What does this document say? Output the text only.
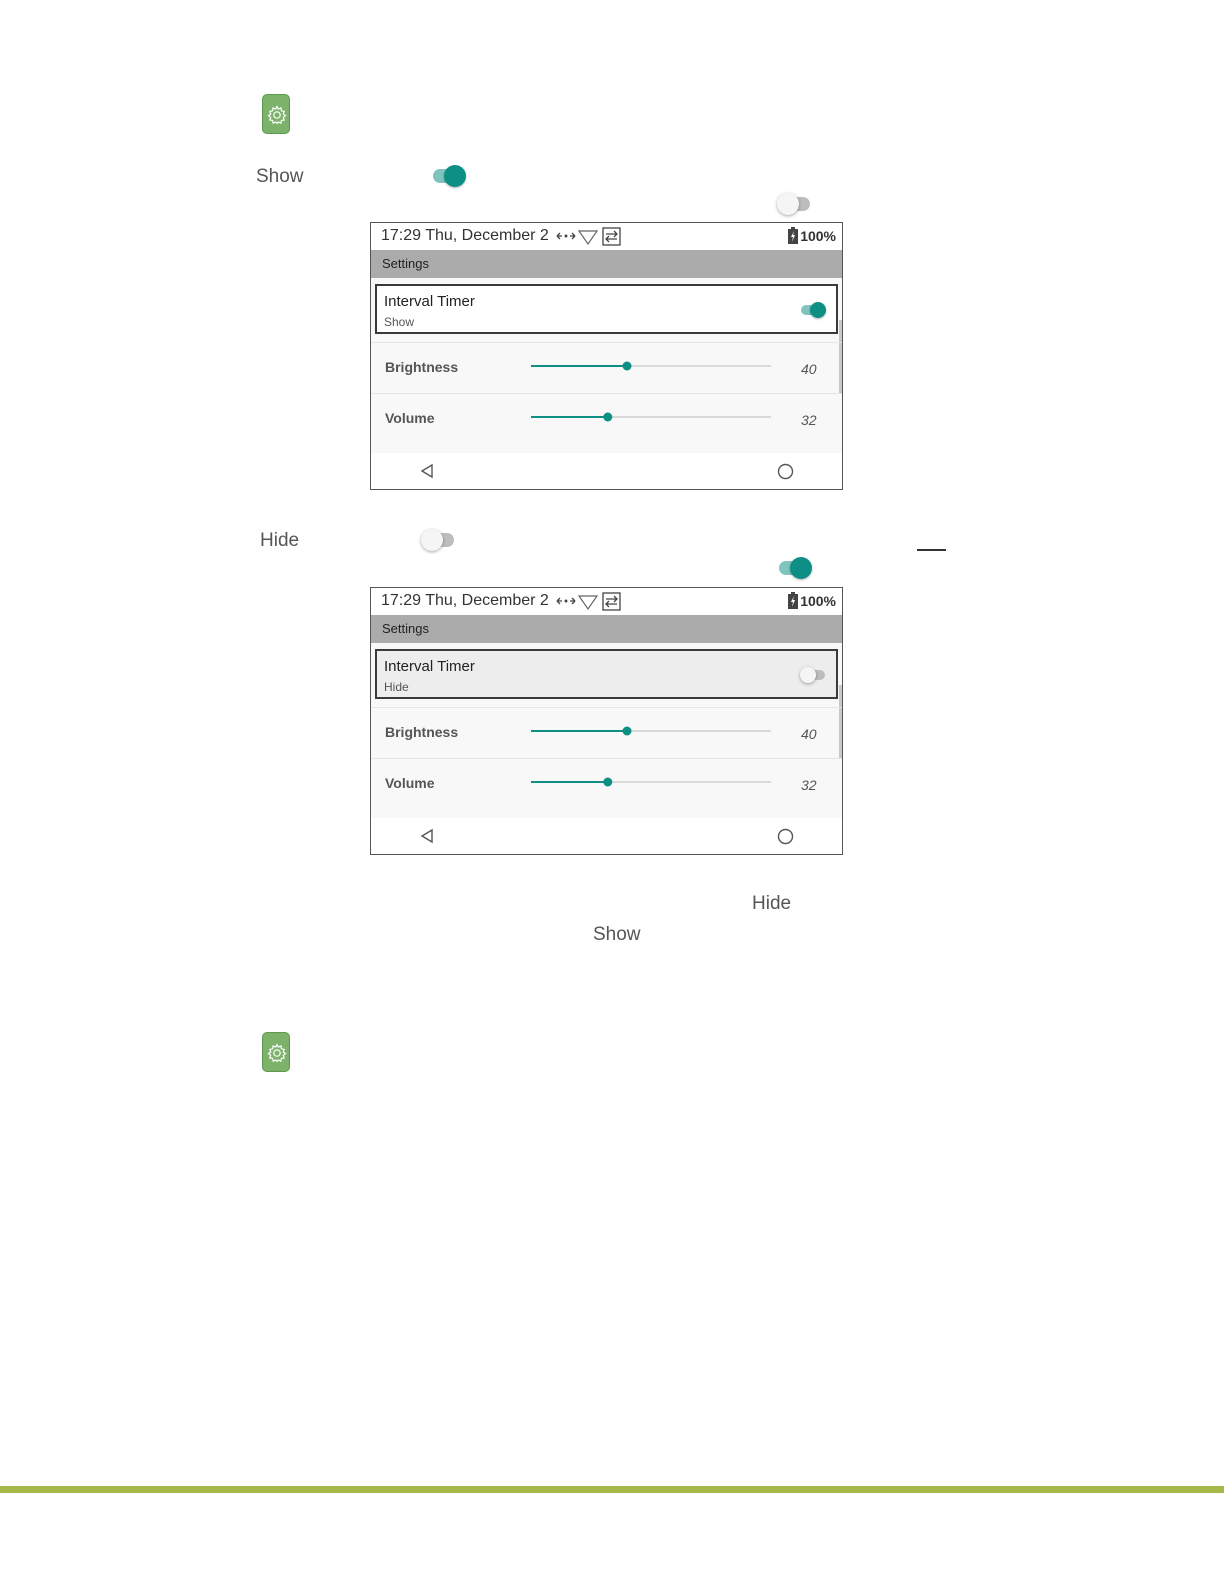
Show
17:29 Thu, December 2	100%
Settings
Interval Timer
Show
Brightness	40
Volume	32
Hide
17:29 Thu, December 2	100%
Settings
Interval Timer
Hide
Brightness	40
Volume	32
Hide
Show
